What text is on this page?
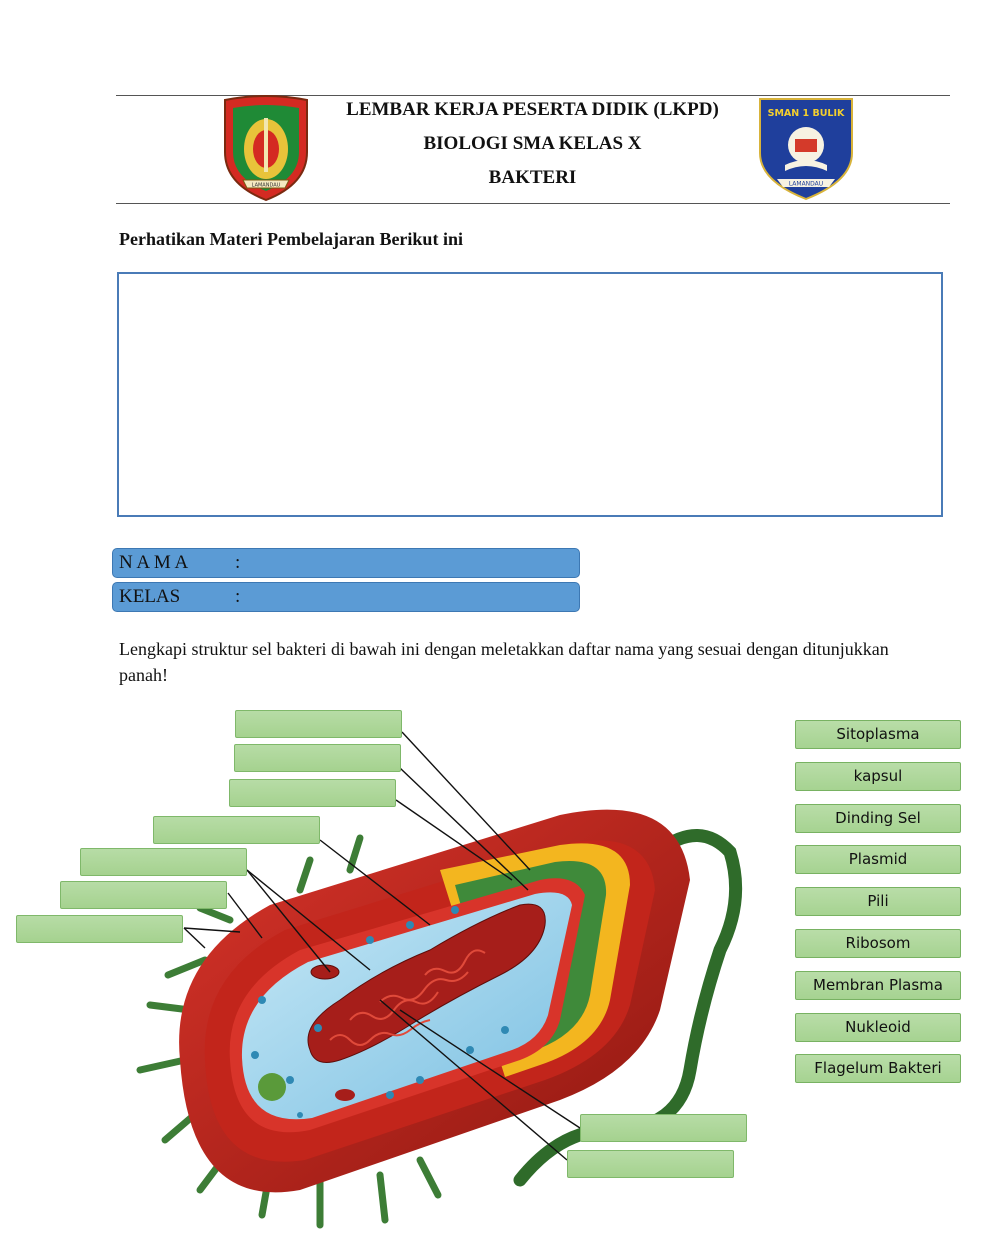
LAMANDAU
LEMBAR KERJA PESERTA DIDIK (LKPD)
BIOLOGI SMA KELAS X
BAKTERI
SMAN 1 BULIK
LAMANDAU
Perhatikan Materi Pembelajaran Berikut ini
N A M A :
KELAS	:
Lengkapi struktur sel bakteri di bawah ini dengan meletakkan daftar nama yang sesuai dengan ditunjukkan panah!
Sitoplasma
kapsul
Dinding Sel
Plasmid
Pili
Ribosom
Membran Plasma
Nukleoid
Flagelum Bakteri
